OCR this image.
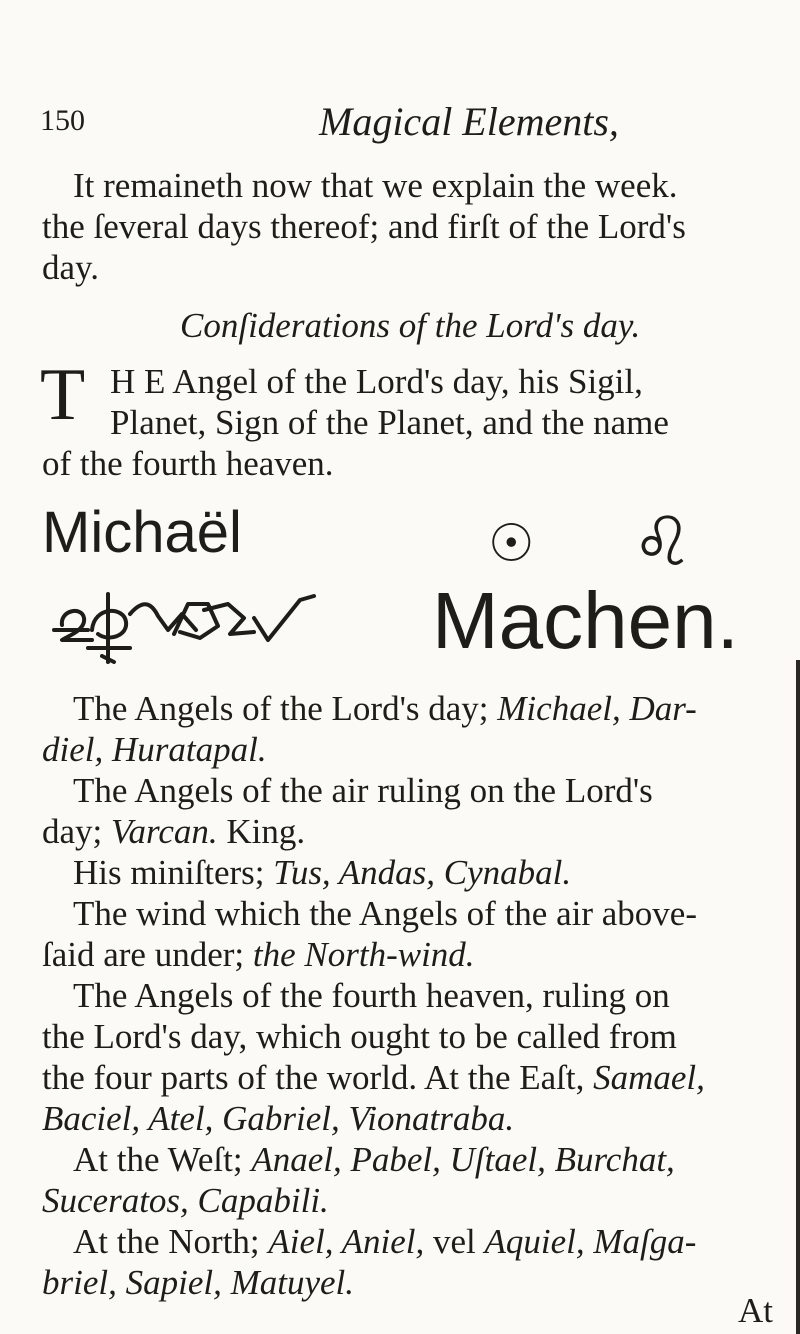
150	Magical Elements,
It remaineth now that we explain the week.
the ſeveral days thereof; and firſt of the Lord's
day.
Conſiderations of the Lord's day.
T H E Angel of the Lord's day, his Sigil,
Planet, Sign of the Planet, and the name
of the fourth heaven.
Michaël	☉ ♌
Machen.
The Angels of the Lord's day; Michael, Dar-
diel, Huratapal.
The Angels of the air ruling on the Lord's
day; Varcan. King.
His miniſters; Tus, Andas, Cynabal.
The wind which the Angels of the air above-
ſaid are under; the North-wind.
The Angels of the fourth heaven, ruling on
the Lord's day, which ought to be called from
the four parts of the world. At the Eaſt, Samael,
Baciel, Atel, Gabriel, Vionatraba.
At the Weſt; Anael, Pabel, Uſtael, Burchat,
Suceratos, Capabili.
At the North; Aiel, Aniel, vel Aquiel, Maſga-
briel, Sapiel, Matuyel.
At
